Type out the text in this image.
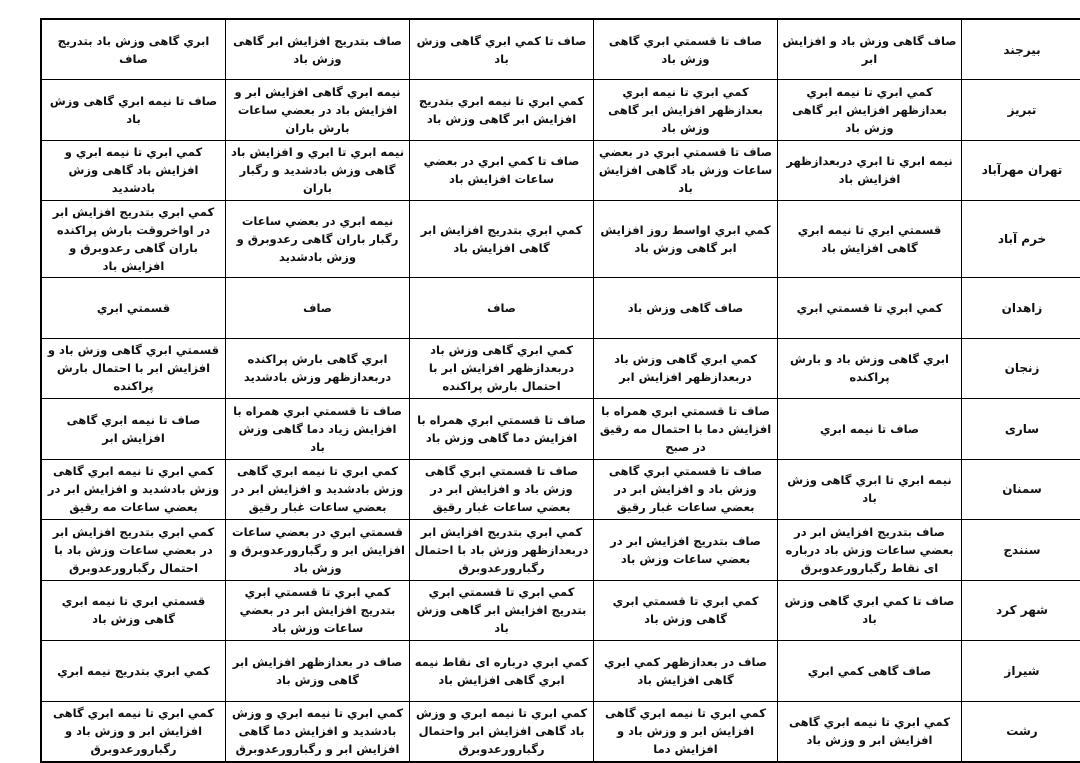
بیرجند	صاف گاهی وزش باد و افزايش ابر	صاف تا قسمتي ابري گاهی وزش باد	صاف تا كمي ابري گاهی وزش باد	صاف بتدريج افزايش ابر گاهی وزش باد	ابري گاهی وزش باد بتدريج صاف
تبریز	كمي ابري تا نيمه ابري بعدازظهر افزايش ابر گاهی وزش باد	كمي ابري تا نيمه ابري بعدازظهر افزايش ابر گاهی وزش باد	كمي ابري تا نيمه ابري بتدريج افزايش ابر گاهی وزش باد	نيمه ابري گاهی افزايش ابر و افزايش باد در بعضي ساعات بارش باران	صاف تا نيمه ابري گاهی وزش باد
تهران مهرآباد	نيمه ابري تا ابري دربعدازظهر افزايش باد	صاف تا قسمتي ابري در بعضي ساعات وزش باد گاهی افزايش باد	صاف تا كمي ابري در بعضي ساعات افزايش باد	نيمه ابري تا ابري و افزايش باد گاهی وزش بادشديد و رگبار باران	كمي ابري تا نيمه ابري و افزايش باد گاهی وزش بادشديد
خرم آباد	قسمتي ابري تا نيمه ابري گاهی افزايش باد	كمي ابري اواسط روز افزايش ابر گاهی وزش باد	كمي ابري بتدريج افزايش ابر گاهی افزايش باد	نيمه ابري در بعضي ساعات رگبار باران گاهی رعدوبرق و وزش بادشديد	كمي ابري بتدريج افزايش ابر در اواخروقت بارش پراكنده باران گاهی رعدوبرق و افزايش باد
زاهدان	كمي ابري تا قسمتي ابري	صاف گاهی وزش باد	صاف	صاف	قسمتي ابري
زنجان	ابري گاهی وزش باد و بارش پراكنده	كمي ابري گاهی وزش باد دربعدازظهر افزايش ابر	كمي ابري گاهی وزش باد دربعدازظهر افزايش ابر با احتمال بارش پراكنده	ابري گاهی بارش پراكنده دربعدازظهر وزش بادشديد	قسمتي ابري گاهی وزش باد و افزايش ابر با احتمال بارش پراكنده
ساری	صاف تا نيمه ابري	صاف تا قسمتي ابري همراه با افزايش دما با احتمال مه رقيق در صبح	صاف تا قسمتي ابري همراه با افزايش دما گاهی وزش باد	صاف تا قسمتي ابري همراه با افزايش زياد دما گاهی وزش باد	صاف تا نيمه ابري گاهی افزايش ابر
سمنان	نيمه ابري تا ابري گاهی وزش باد	صاف تا قسمتي ابري گاهی وزش باد و افزايش ابر در بعضي ساعات غبار رقيق	صاف تا قسمتي ابري گاهی وزش باد و افزايش ابر در بعضي ساعات غبار رقيق	كمي ابري تا نيمه ابري گاهی وزش بادشديد و افزايش ابر در بعضي ساعات غبار رقيق	كمي ابري تا نيمه ابري گاهی وزش بادشديد و افزايش ابر در بعضي ساعات مه رقيق
سنندج	صاف بتدريج افزايش ابر در بعضي ساعات وزش باد درباره ای نقاط رگبارورعدوبرق	صاف بتدريج افزايش ابر در بعضي ساعات وزش باد	كمي ابري بتدريج افزايش ابر دربعدازظهر وزش باد با احتمال رگبارورعدوبرق	قسمتي ابري در بعضي ساعات افزايش ابر و رگبارورعدوبرق و وزش باد	كمي ابري بتدريج افزايش ابر در بعضي ساعات وزش باد با احتمال رگبارورعدوبرق
شهر کرد	صاف تا كمي ابري گاهی وزش باد	كمي ابري تا قسمتي ابري گاهی وزش باد	كمي ابري تا قسمتي ابري بتدريج افزايش ابر گاهی وزش باد	كمي ابري تا قسمتي ابري بتدريج افزايش ابر در بعضي ساعات وزش باد	قسمتي ابري تا نيمه ابري گاهی وزش باد
شیراز	صاف گاهی كمي ابري	صاف در بعدازظهر كمي ابري گاهی افزايش باد	كمي ابري درباره ای نقاط نيمه ابري گاهی افزايش باد	صاف در بعدازظهر افزايش ابر گاهی وزش باد	كمي ابري بتدريج نيمه ابري
رشت	كمي ابري تا نيمه ابري گاهی افزايش ابر و وزش باد	كمي ابري تا نيمه ابري گاهی افزايش ابر و وزش باد و افزايش دما	كمي ابري تا نيمه ابري و وزش باد گاهی افزايش ابر واحتمال رگبارورعدوبرق	كمي ابري تا نيمه ابري و وزش بادشديد و افزايش دما گاهی افزايش ابر و رگبارورعدوبرق	كمي ابري تا نيمه ابري گاهی افزايش ابر و وزش باد و رگبارورعدوبرق
